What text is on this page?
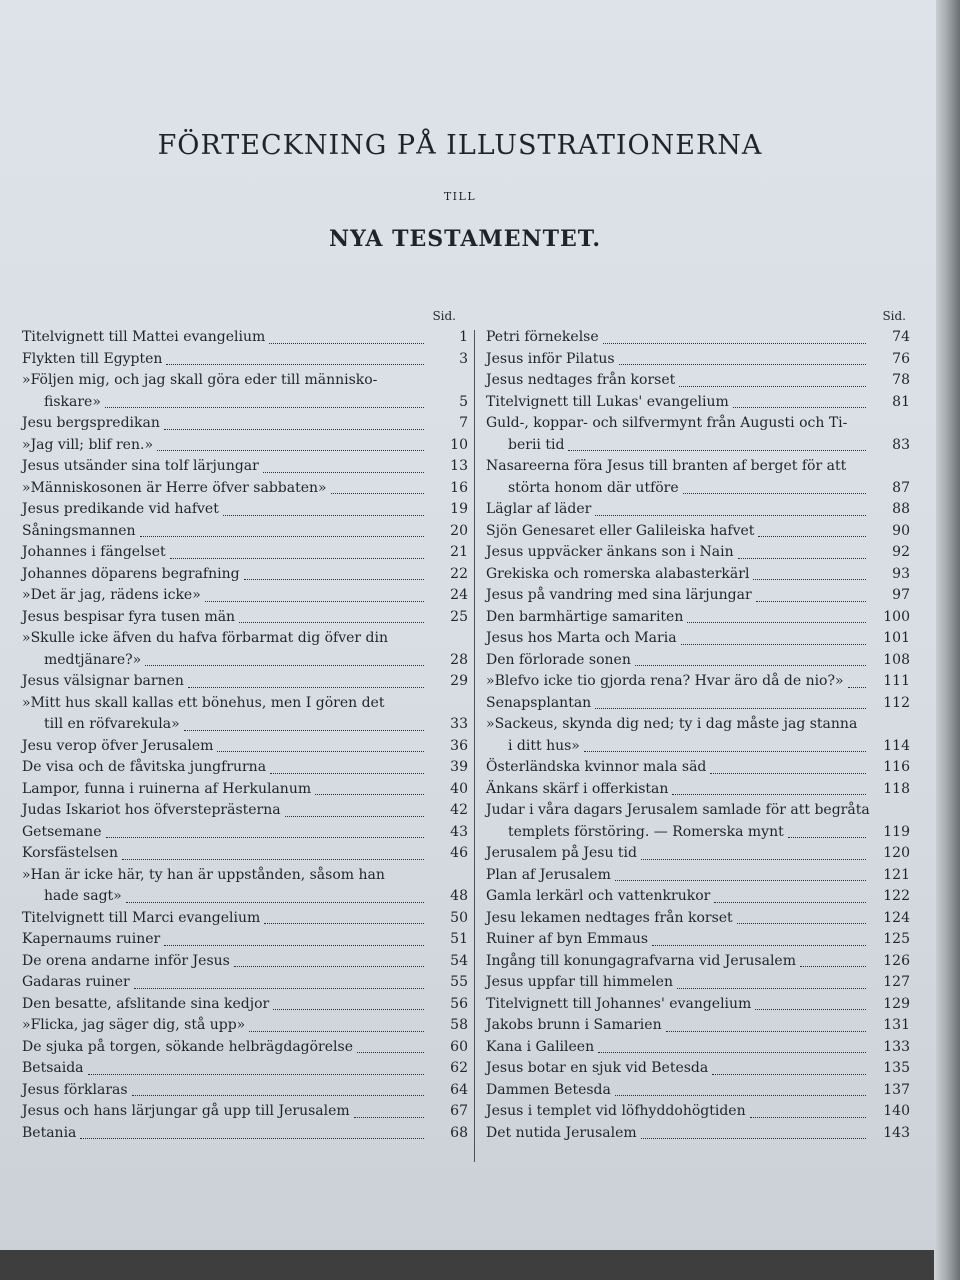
FÖRTECKNING PÅ ILLUSTRATIONERNA
TILL
NYA TESTAMENTET.
Sid.
Titelvignett till Mattei evangelium	1
Flykten till Egypten	3
»Följen mig, och jag skall göra eder till människo-
fiskare»	5
Jesu bergspredikan	7
»Jag vill; blif ren.»	10
Jesus utsänder sina tolf lärjungar	13
»Människosonen är Herre öfver sabbaten»	16
Jesus predikande vid hafvet	19
Såningsmannen	20
Johannes i fängelset	21
Johannes döparens begrafning	22
»Det är jag, rädens icke»	24
Jesus bespisar fyra tusen män	25
»Skulle icke äfven du hafva förbarmat dig öfver din
medtjänare?»	28
Jesus välsignar barnen	29
»Mitt hus skall kallas ett bönehus, men I gören det
till en röfvarekula»	33
Jesu verop öfver Jerusalem	36
De visa och de fåvitska jungfrurna	39
Lampor, funna i ruinerna af Herkulanum	40
Judas Iskariot hos öfversteprästerna	42
Getsemane	43
Korsfästelsen	46
»Han är icke här, ty han är uppstånden, såsom han
hade sagt»	48
Titelvignett till Marci evangelium	50
Kapernaums ruiner	51
De orena andarne inför Jesus	54
Gadaras ruiner	55
Den besatte, afslitande sina kedjor	56
»Flicka, jag säger dig, stå upp»	58
De sjuka på torgen, sökande helbrägdagörelse	60
Betsaida	62
Jesus förklaras	64
Jesus och hans lärjungar gå upp till Jerusalem	67
Betania	68
Sid.
Petri förnekelse	74
Jesus inför Pilatus	76
Jesus nedtages från korset	78
Titelvignett till Lukas' evangelium	81
Guld-, koppar- och silfvermynt från Augusti och Ti-
berii tid	83
Nasareerna föra Jesus till branten af berget för att
störta honom där utföre	87
Läglar af läder	88
Sjön Genesaret eller Galileiska hafvet	90
Jesus uppväcker änkans son i Nain	92
Grekiska och romerska alabasterkärl	93
Jesus på vandring med sina lärjungar	97
Den barmhärtige samariten	100
Jesus hos Marta och Maria	101
Den förlorade sonen	108
»Blefvo icke tio gjorda rena? Hvar äro då de nio?»	111
Senapsplantan	112
»Sackeus, skynda dig ned; ty i dag måste jag stanna
i ditt hus»	114
Österländska kvinnor mala säd	116
Änkans skärf i offerkistan	118
Judar i våra dagars Jerusalem samlade för att begråta
templets förstöring. — Romerska mynt	119
Jerusalem på Jesu tid	120
Plan af Jerusalem	121
Gamla lerkärl och vattenkrukor	122
Jesu lekamen nedtages från korset	124
Ruiner af byn Emmaus	125
Ingång till konungagrafvarna vid Jerusalem	126
Jesus uppfar till himmelen	127
Titelvignett till Johannes' evangelium	129
Jakobs brunn i Samarien	131
Kana i Galileen	133
Jesus botar en sjuk vid Betesda	135
Dammen Betesda	137
Jesus i templet vid löfhyddohögtiden	140
Det nutida Jerusalem	143
